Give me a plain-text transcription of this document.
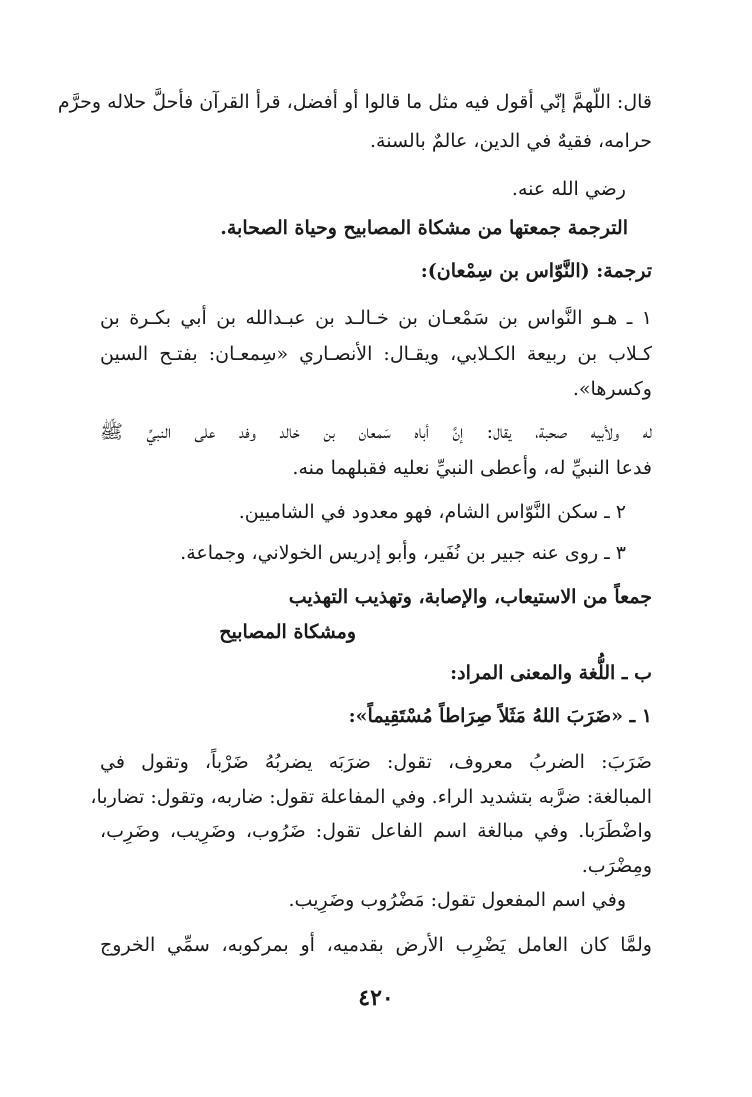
قال: اللّهمَّ إنّي أقول فيه مثل ما قالوا أو أفضل، قرأ القرآن فأحلَّ حلاله وحرَّم
حرامه، فقيهٌ في الدين، عالمٌ بالسنة.
رضي الله عنه.
الترجمة جمعتها من مشكاة المصابيح وحياة الصحابة.
ترجمة: (النَّوّاس بن سِمْعان):
١ ـ هـو النَّواس بن سَمْعـان بن خـالـد بن عبـدالله بن أبي بكـرة بن
كـلاب بن ربيعة الكـلابي، ويقـال: الأنصـاري «سِمعـان: بفتـح السين
وكسرها».
له ولأبيه صحبة، يقال: إنَّ أباه سَمعان بن خالد وفد على النبيِّ ﷺ
فدعا النبيِّ له، وأعطى النبيِّ نعليه فقبلهما منه.
٢ ـ سكن النَّوّاس الشام، فهو معدود في الشاميين.
٣ ـ روى عنه جبير بن نُفَير، وأبو إدريس الخولاني، وجماعة.
جمعاً من الاستيعاب، والإصابة، وتهذيب التهذيب
ومشكاة المصابيح
ب ـ اللُّغة والمعنى المراد:
١ ـ «ضَرَبَ اللهُ مَثَلاً صِرَاطاً مُسْتَقِيماً»:
ضَرَبَ: الضربُ معروف، تقول: ضرَبَه يضربُهُ ضَرْباً، وتقول في
المبالغة: ضرَّبه بتشديد الراء. وفي المفاعلة تقول: ضاربه، وتقول: تضاربا،
واضْطَرَبا. وفي مبالغة اسم الفاعل تقول: ضَرُوب، وضَرِيب، وضَرِب،
ومِضْرَب.
وفي اسم المفعول تقول: مَضْرُوب وضَرِيب.
ولمَّا كان العامل يَضْرِب الأرض بقدميه، أو بمركوبه، سمِّي الخروج
٤٢٠
